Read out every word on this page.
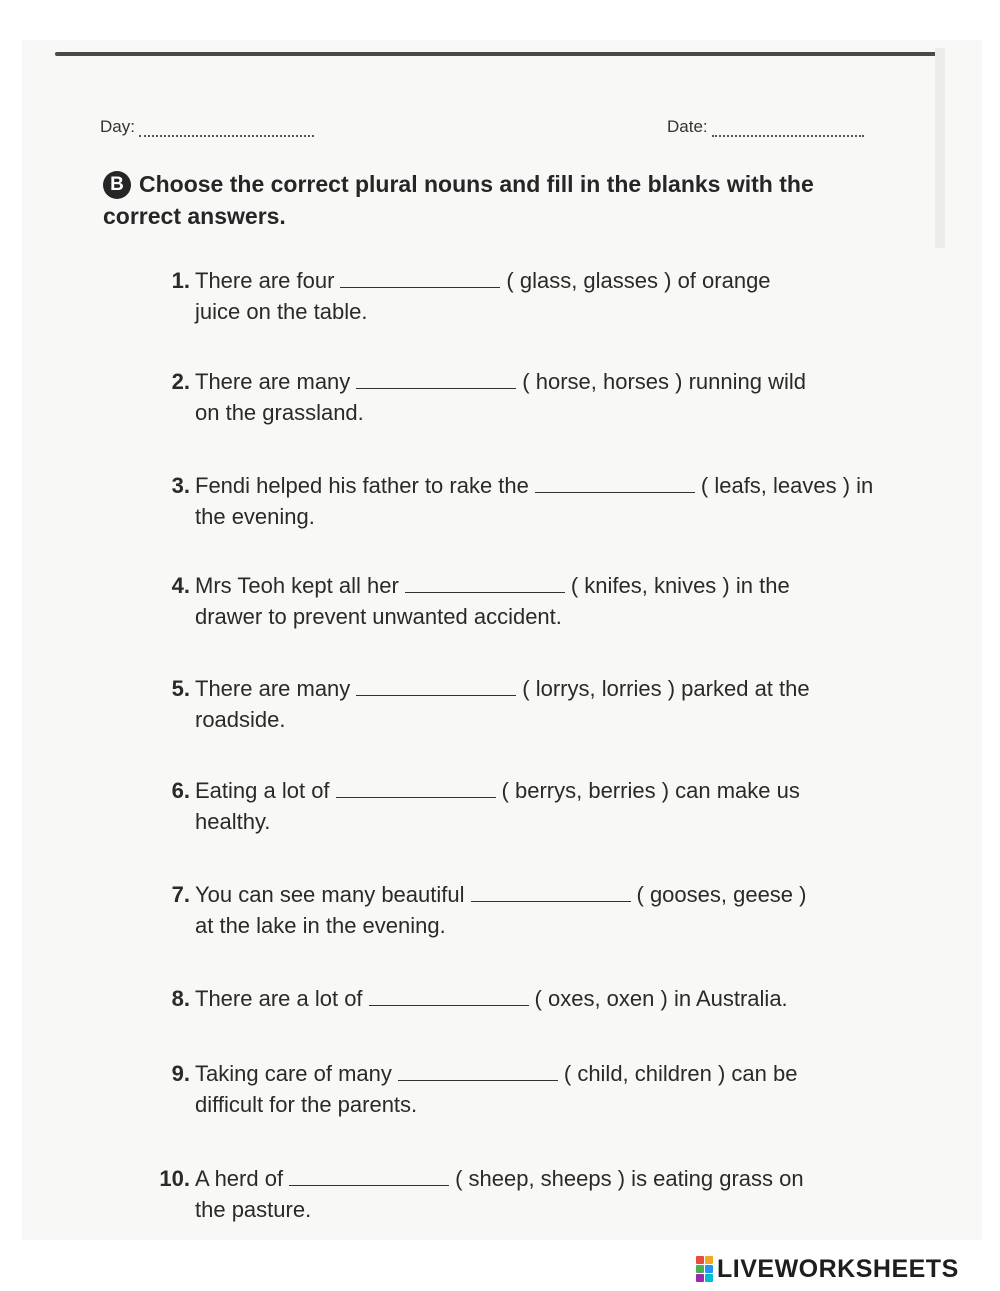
Day:	Date:
B Choose the correct plural nouns and fill in the blanks with the correct answers.
1. There are four	( glass, glasses ) of orange
juice on the table.
2. There are many	( horse, horses ) running wild
on the grassland.
3. Fendi helped his father to rake the	( leafs, leaves ) in the evening.
4. Mrs Teoh kept all her	( knifes, knives ) in the
drawer to prevent unwanted accident.
5. There are many	( lorrys, lorries ) parked at the
roadside.
6. Eating a lot of	( berrys, berries ) can make us
healthy.
7. You can see many beautiful	( gooses, geese )
at the lake in the evening.
8. There are a lot of	( oxes, oxen ) in Australia.
9. Taking care of many	( child, children ) can be
difficult for the parents.
10. A herd of	( sheep, sheeps ) is eating grass on
the pasture.
LIVEWORKSHEETS
